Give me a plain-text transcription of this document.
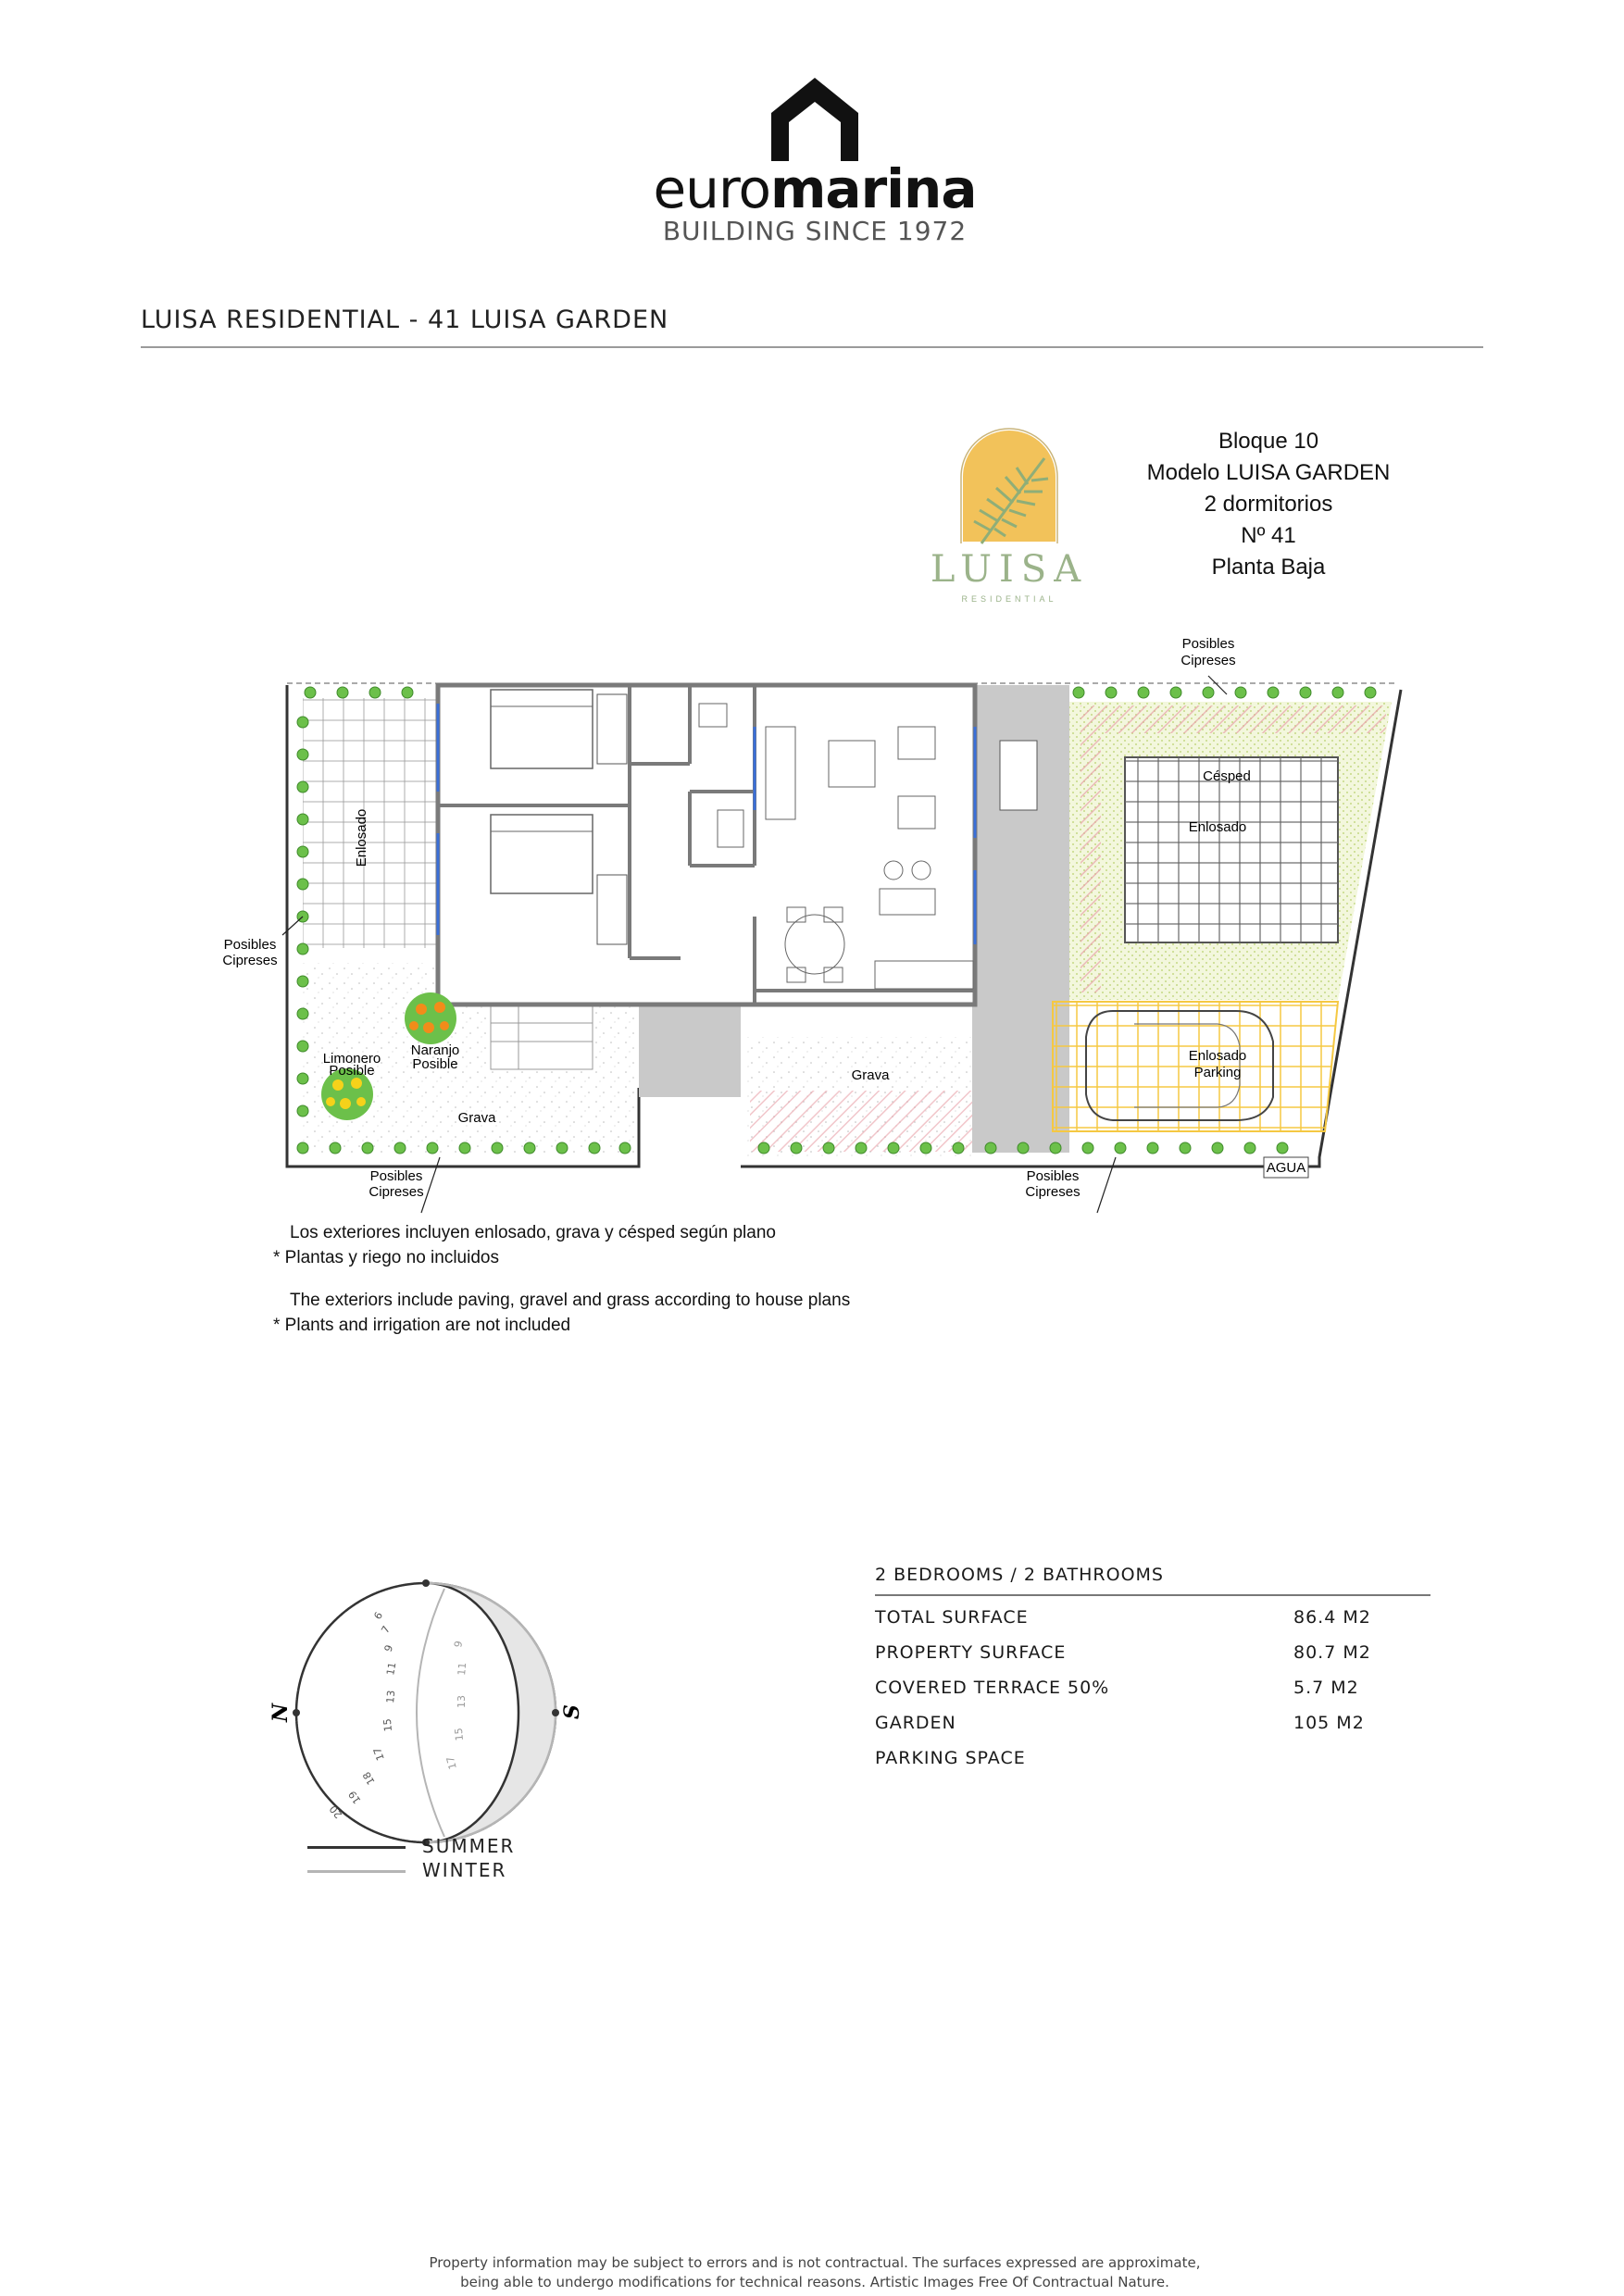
euromarina
BUILDING SINCE 1972
LUISA RESIDENTIAL - 41 LUISA GARDEN
LUISA
RESIDENTIAL
Bloque 10
Modelo LUISA GARDEN
2 dormitorios
Nº 41
Planta Baja
Posibles
Cipreses
Posibles
Cipreses
Posibles
Cipreses
Posibles
Cipreses
Enlosado
Césped
Enlosado
Enlosado
Parking
Grava
Grava
Naranjo
Posible
Limonero
Posible
AGUA

Los exteriores incluyen enlosado, grava y césped según plano

* Plantas y riego no incluidos

The exteriors include paving, gravel and grass according to house plans

* Plants and irrigation are not included

N	S
6
7
9
11
13
15
17
18
19
20
9
11
13
15
17
SUMMER
WINTER
2 BEDROOMS / 2 BATHROOMS
TOTAL SURFACE	86.4 M2
PROPERTY SURFACE	80.7 M2
COVERED TERRACE 50%	5.7 M2
GARDEN	105 M2
PARKING SPACE
Property information may be subject to errors and is not contractual. The surfaces expressed are approximate,
being able to undergo modifications for technical reasons. Artistic Images Free Of Contractual Nature.
